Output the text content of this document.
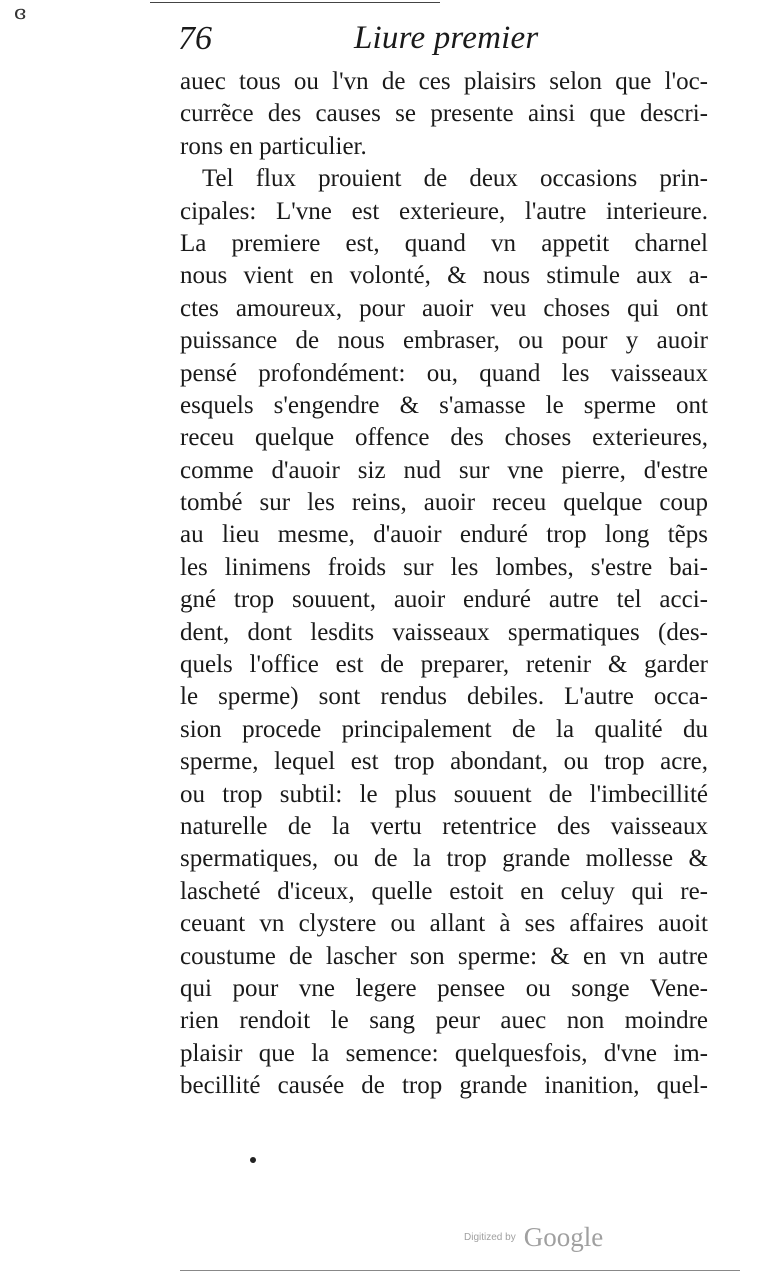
ɞ
76	Liure premier
auec tous ou l'vn de ces plaisirs selon que l'oc-
currẽce des causes se presente ainsi que descri-
rons en particulier.
Tel flux prouient de deux occasions prin-
cipales: L'vne est exterieure, l'autre interieure.
La premiere est, quand vn appetit charnel
nous vient en volonté, & nous stimule aux a-
ctes amoureux, pour auoir veu choses qui ont
puissance de nous embraser, ou pour y auoir
pensé profondément: ou, quand les vaisseaux
esquels s'engendre & s'amasse le sperme ont
receu quelque offence des choses exterieures,
comme d'auoir siz nud sur vne pierre, d'estre
tombé sur les reins, auoir receu quelque coup
au lieu mesme, d'auoir enduré trop long tẽps
les linimens froids sur les lombes, s'estre bai-
gné trop souuent, auoir enduré autre tel acci-
dent, dont lesdits vaisseaux spermatiques (des-
quels l'office est de preparer, retenir & garder
le sperme) sont rendus debiles. L'autre occa-
sion procede principalement de la qualité du
sperme, lequel est trop abondant, ou trop acre,
ou trop subtil: le plus souuent de l'imbecillité
naturelle de la vertu retentrice des vaisseaux
spermatiques, ou de la trop grande mollesse &
lascheté d'iceux, quelle estoit en celuy qui re-
ceuant vn clystere ou allant à ses affaires auoit
coustume de lascher son sperme: & en vn autre
qui pour vne legere pensee ou songe Vene-
rien rendoit le sang peur auec non moindre
plaisir que la semence: quelquesfois, d'vne im-
becillité causée de trop grande inanition, quel-
Digitized by Google
